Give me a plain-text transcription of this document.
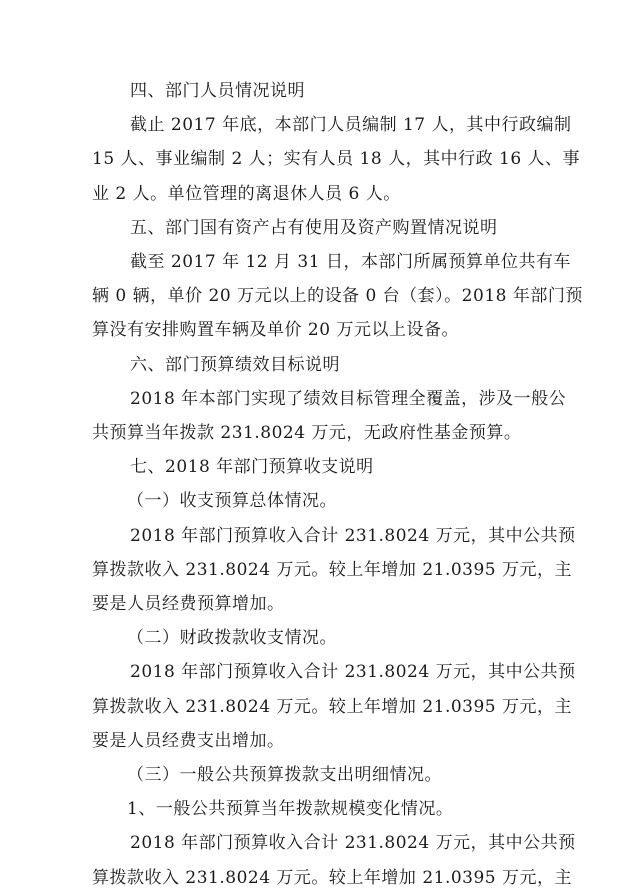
四、部门人员情况说明
截止 2017 年底，本部门人员编制 17 人，其中行政编制
15 人、事业编制 2 人；实有人员 18 人，其中行政 16 人、事
业 2 人。单位管理的离退休人员 6 人。
五、部门国有资产占有使用及资产购置情况说明
截至 2017 年 12 月 31 日，本部门所属预算单位共有车
辆 0 辆，单价 20 万元以上的设备 0 台（套）。2018 年部门预
算没有安排购置车辆及单价 20 万元以上设备。
六、部门预算绩效目标说明
2018 年本部门实现了绩效目标管理全覆盖，涉及一般公
共预算当年拨款 231.8024 万元，无政府性基金预算。
七、2018 年部门预算收支说明
（一）收支预算总体情况。
2018 年部门预算收入合计 231.8024 万元，其中公共预
算拨款收入 231.8024 万元。较上年增加 21.0395 万元，主
要是人员经费预算增加。
（二）财政拨款收支情况。
2018 年部门预算收入合计 231.8024 万元，其中公共预
算拨款收入 231.8024 万元。较上年增加 21.0395 万元，主
要是人员经费支出增加。
（三）一般公共预算拨款支出明细情况。
1、一般公共预算当年拨款规模变化情况。
2018 年部门预算收入合计 231.8024 万元，其中公共预
算拨款收入 231.8024 万元。较上年增加 21.0395 万元，主
